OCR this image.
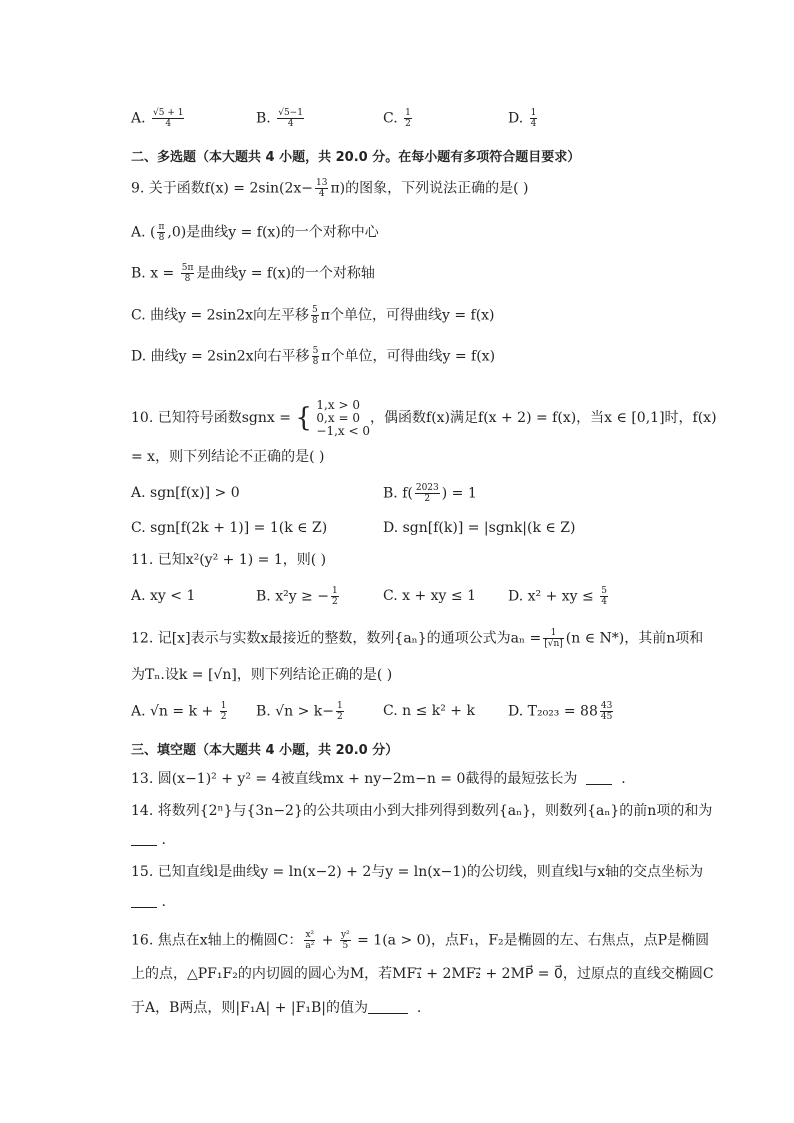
A. $\frac{√5 + 1}{4}$	B. $\frac{√5-1}{4}$	C. $\frac{1}{2}$	D. $\frac{1}{4}$
二、多选题（本大题共 4 小题，共 20.0 分。在每小题有多项符合题目要求）
9. 关于函数$f(x) = 2\sin(2x- \frac{13}{4} \pi)$的图象，下列说法正确的是( )
A. ( $\frac{\pi}{8} ,0$)是曲线y = f(x)的一个对称中心
B. $x = \frac{5\pi}{8}$ 是曲线y = f(x)的一个对称轴
C. 曲线y = 2sin2x向左平移 $\frac{5}{8}$ π个单位，可得曲线y = f(x)
D. 曲线y = 2sin2x向右平移 $\frac{5}{8}$ π个单位，可得曲线y = f(x)
10. 已知符号函数sgnx = { 1,x > 0
0,x = 0
−1,x < 0
，偶函数f(x)满足f(x + 2) = f(x)，当x ∈ [0,1]时，f(x)
= x，则下列结论不正确的是( )
A. sgn[f(x)] > 0	B. $f( \frac{2023}{2}$ ) = 1
C. sgn[f(2k + 1)] = 1(k ∈ Z)	D. sgn[f(k)] = |sgnk|(k ∈ Z)
11. 已知x²(y² + 1) = 1，则( )
A. xy < 1	B. x²y ≥ − $\frac{1}{2}$	C. x + xy ≤ 1 D. x² + xy ≤ $\frac{5}{4}$
12. 记[x]表示与实数x最接近的整数，数列{aₙ}的通项公式为$a_n = \frac{1}{[√n]} (n$ ∈ N*)，其前n项和
为Tₙ.设k = [√n]，则下列结论正确的是( )
A. $√n = k + \frac{1}{2} B$. $√n > k- \frac{1}{2}$	C. n ≤ k² + k D. $T_{2023} = 88 \frac{43}{45}$
三、填空题（本大题共 4 小题，共 20.0 分）
13. 圆(x−1)² + y² = 4被直线mx + ny−2m−n = 0截得的最短弦长为	.
14. 将数列{2ⁿ}与{3n−2}的公共项由小到大排列得到数列{aₙ}，则数列{aₙ}的前n项的和为
.
15. 已知直线l是曲线y = ln(x−2) + 2与y = ln(x−1)的公切线，则直线l与x轴的交点坐标为
.
16. 焦点在x轴上的椭圆C： $\frac{\text{x²}}{\text{a²}} + \frac{\text{y²}}{5} = 1(a > 0)$，点F₁，F₂是椭圆的左、右焦点，点P是椭圆
上的点，△PF₁F₂的内切圆的圆心为M，若MF₁⃗ + 2MF₂⃗ + 2MP⃗ = 0⃗，过原点的直线交椭圆C
于A，B两点，则|F₁A| + |F₁B|的值为	.
